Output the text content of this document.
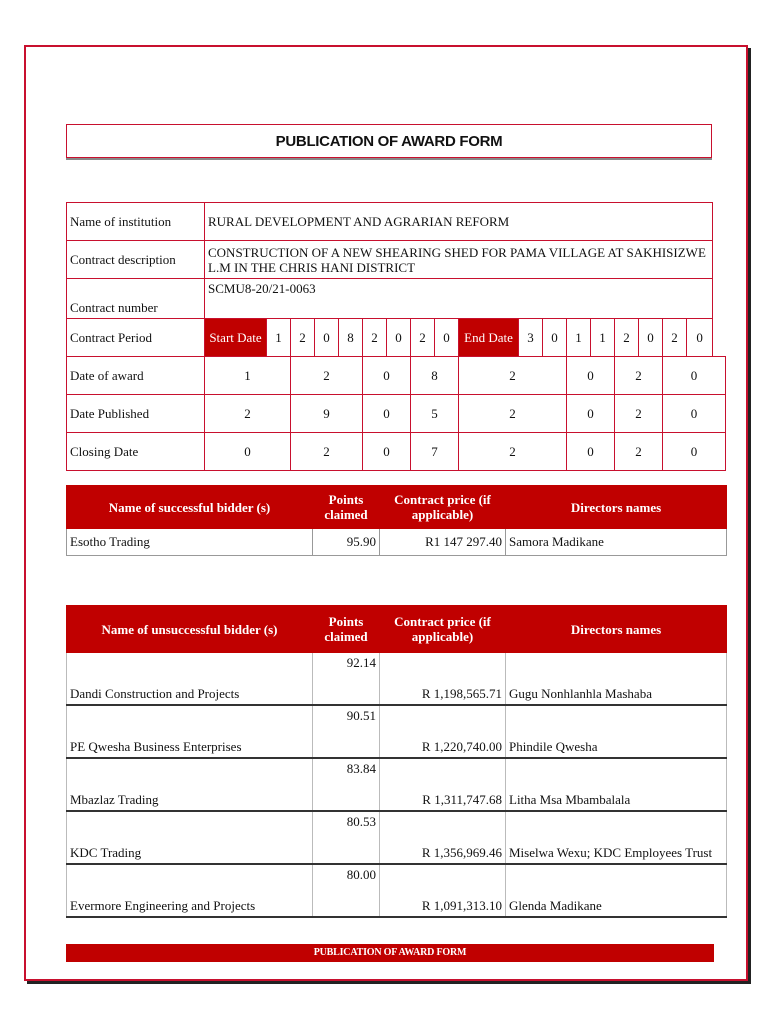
PUBLICATION OF AWARD FORM
Name of institution	RURAL DEVELOPMENT AND AGRARIAN REFORM																	
Contract description	CONSTRUCTION OF A NEW SHEARING SHED FOR PAMA VILLAGE AT SAKHISIZWE L.M IN THE CHRIS HANI DISTRICT																	
Contract number	SCMU8-20/21-0063																	
Contract Period	Start Date	1	2	0	8	2	0	2	0	End Date	3	0	1	1	2	0	2	0
Date of award	1		2			0		8		2			0		2		0	
Date Published	2		9			0		5		2			0		2		0	
Closing Date	0		2			0		7		2			0		2		0	
Name of successful bidder (s)	Points claimed	Contract price (if applicable)	Directors names
Esotho Trading	95.90	R1 147 297.40	Samora Madikane
Name of unsuccessful bidder (s)	Points claimed	Contract price (if applicable)	Directors names
Dandi Construction and Projects	92.14	R 1,198,565.71	Gugu Nonhlanhla Mashaba
PE Qwesha Business Enterprises	90.51	R 1,220,740.00	Phindile Qwesha
Mbazlaz Trading	83.84	R 1,311,747.68	Litha Msa Mbambalala
KDC Trading	80.53	R 1,356,969.46	Miselwa Wexu; KDC Employees Trust
Evermore Engineering and Projects	80.00	R 1,091,313.10	Glenda Madikane
PUBLICATION OF AWARD FORM
